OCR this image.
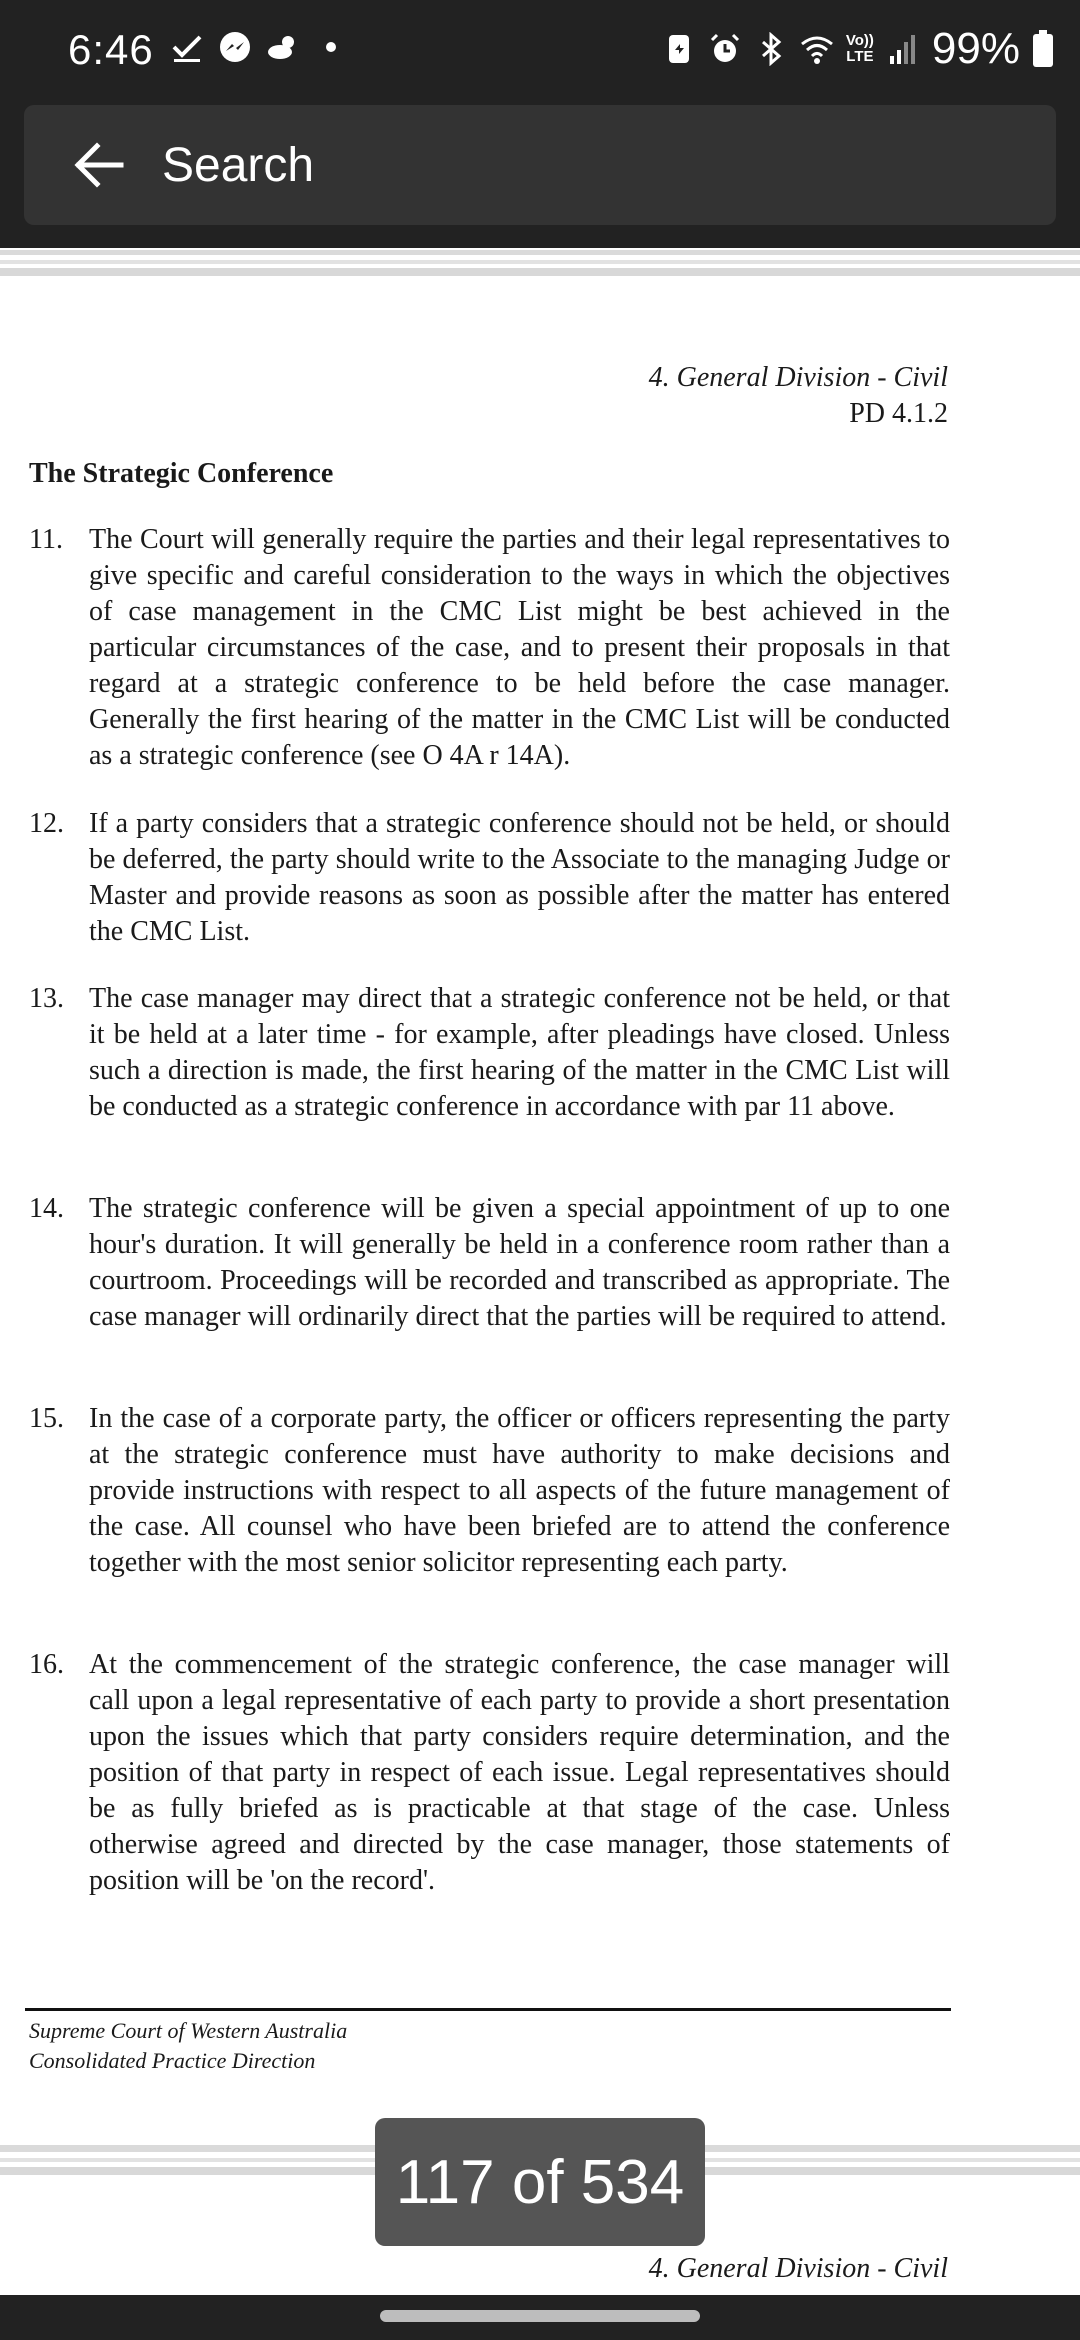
6:46	Vo))
LTE 99%
Search
4. General Division - Civil
PD 4.1.2
The Strategic Conference
11. The Court will generally require the parties and their legal representatives to give specific and careful consideration to the ways in which the objectives of case management in the CMC List might be best achieved in the particular circumstances of the case, and to present their proposals in that regard at a strategic conference to be held before the case manager. Generally the first hearing of the matter in the CMC List will be conducted as a strategic conference (see O 4A r 14A).
12. If a party considers that a strategic conference should not be held, or should be deferred, the party should write to the Associate to the managing Judge or Master and provide reasons as soon as possible after the matter has entered the CMC List.
13. The case manager may direct that a strategic conference not be held, or that it be held at a later time - for example, after pleadings have closed. Unless such a direction is made, the first hearing of the matter in the CMC List will be conducted as a strategic conference in accordance with par 11 above.
14. The strategic conference will be given a special appointment of up to one hour's duration. It will generally be held in a conference room rather than a courtroom. Proceedings will be recorded and transcribed as appropriate. The case manager will ordinarily direct that the parties will be required to attend.
15. In the case of a corporate party, the officer or officers representing the party at the strategic conference must have authority to make decisions and provide instructions with respect to all aspects of the future management of the case. All counsel who have been briefed are to attend the conference together with the most senior solicitor representing each party.
16. At the commencement of the strategic conference, the case manager will call upon a legal representative of each party to provide a short presentation upon the issues which that party considers require determination, and the position of that party in respect of each issue. Legal representatives should be as fully briefed as is practicable at that stage of the case. Unless otherwise agreed and directed by the case manager, those statements of position will be 'on the record'.
Supreme Court of Western Australia
Consolidated Practice Direction
4. General Division - Civil
117 of 534
